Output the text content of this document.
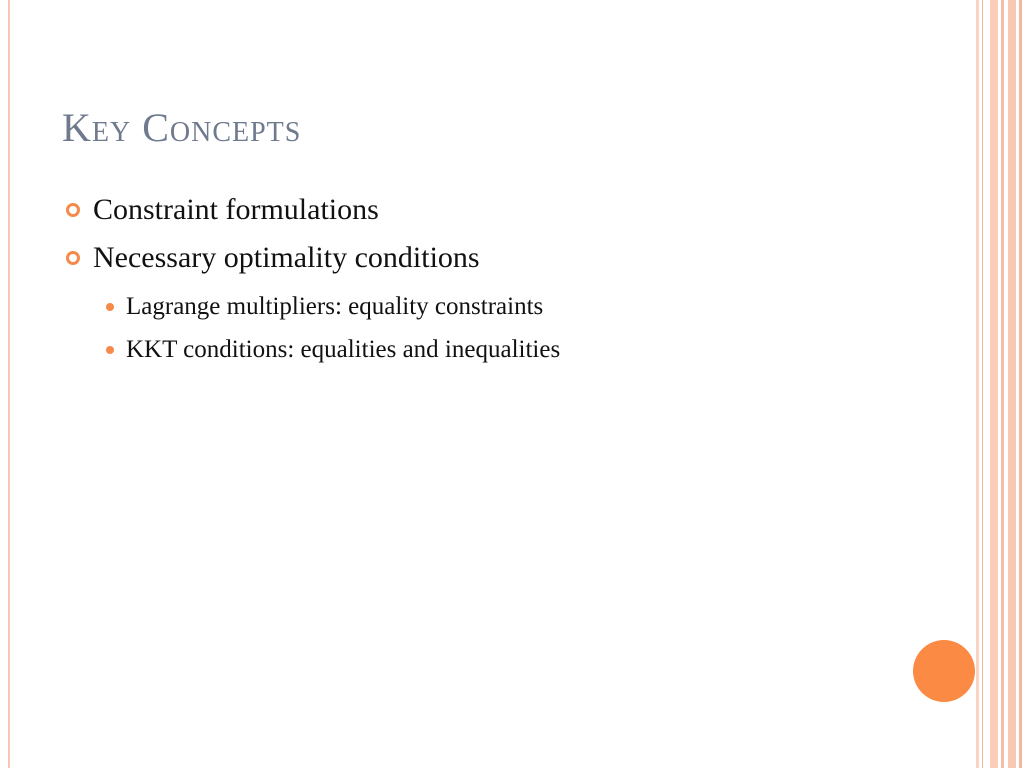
Key Concepts
Constraint formulations
Necessary optimality conditions
Lagrange multipliers: equality constraints
KKT conditions: equalities and inequalities
